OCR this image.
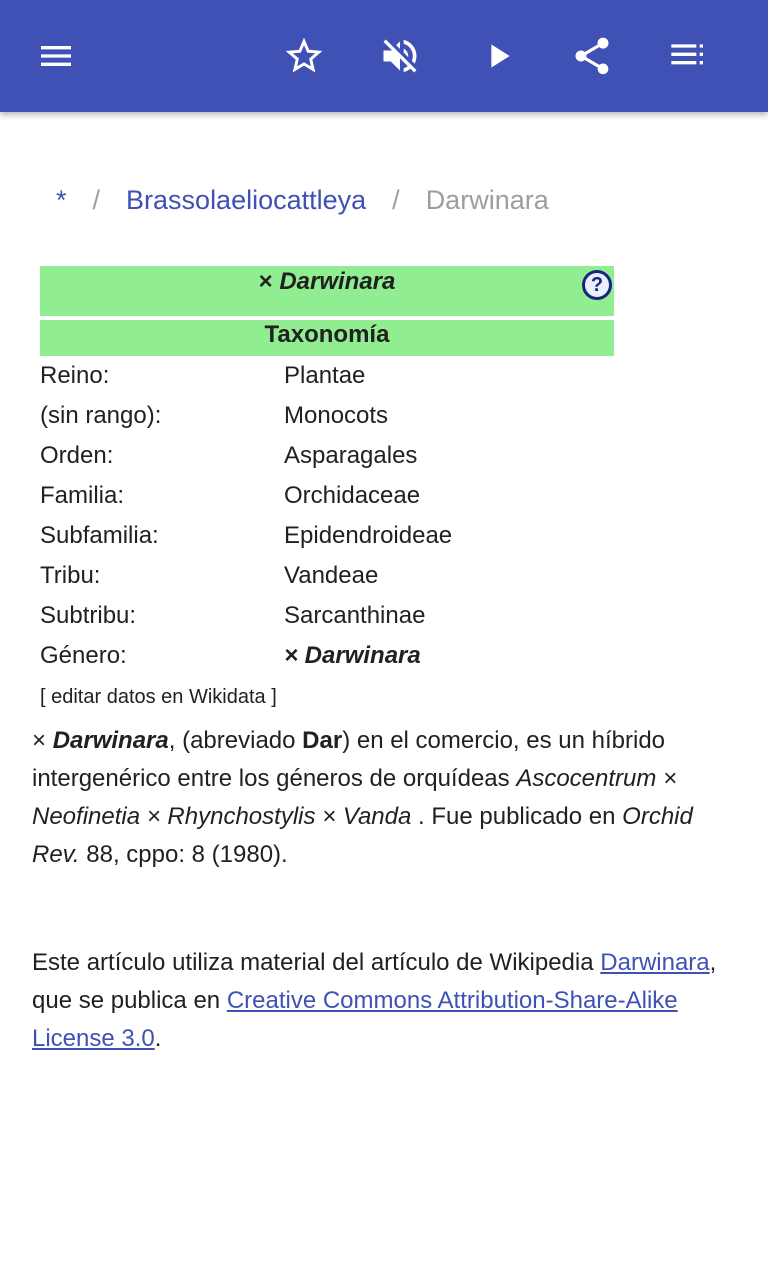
* / Brassolaeliocattleya / Darwinara
× Darwinara	?
Taxonomía
Reino:	Plantae
(sin rango):	Monocots
Orden:	Asparagales
Familia:	Orchidaceae
Subfamilia:	Epidendroideae
Tribu:	Vandeae
Subtribu:	Sarcanthinae
Género:	× Darwinara
[ editar datos en Wikidata ]

× Darwinara, (abreviado Dar) en el comercio, es un híbrido intergenérico entre los géneros de orquídeas Ascocentrum × Neofinetia × Rhynchostylis × Vanda . Fue publicado en Orchid Rev. 88, cppo: 8 (1980).

Este artículo utiliza material del artículo de Wikipedia Darwinara, que se publica en Creative Commons Attribution-Share-Alike License 3.0.
